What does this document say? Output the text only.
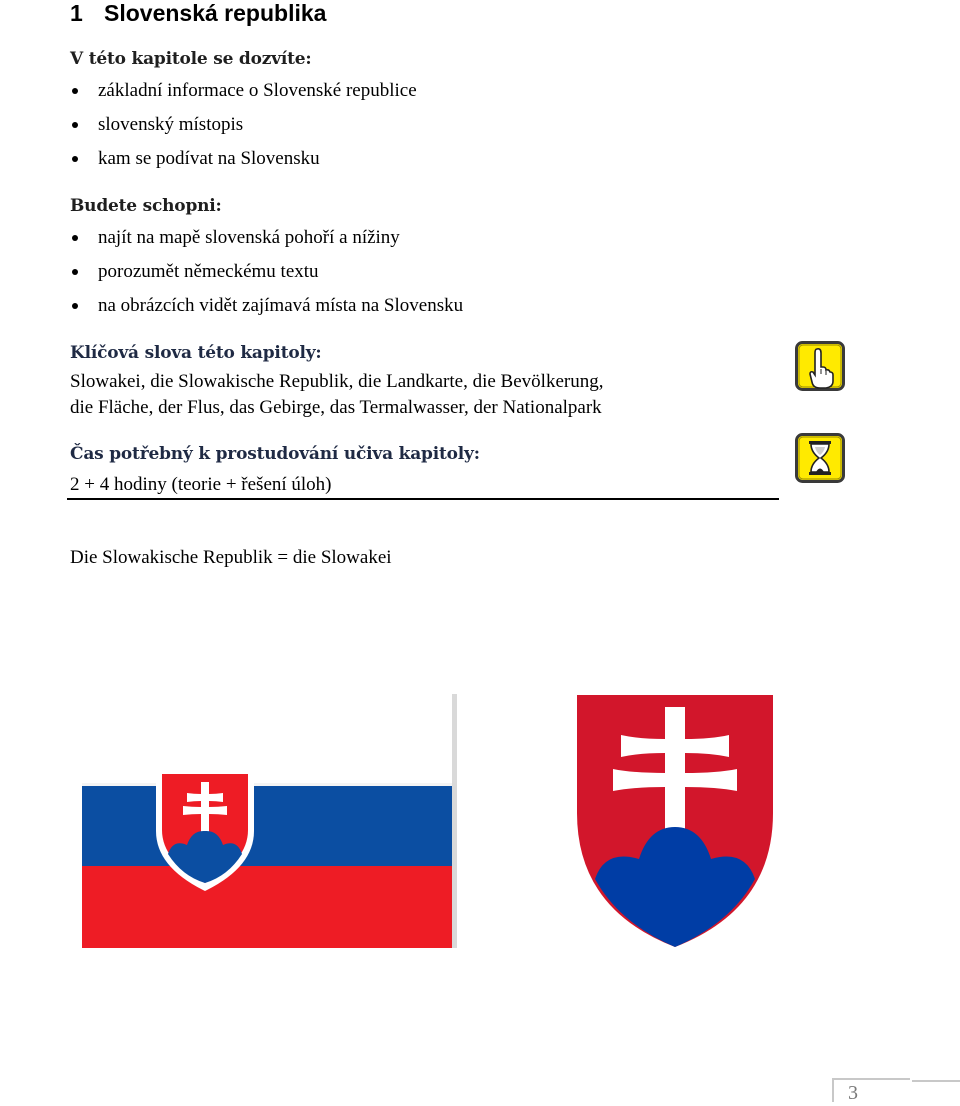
1 Slovenská republika
V této kapitole se dozvíte:
základní informace o Slovenské republice
slovenský místopis
kam se podívat na Slovensku
Budete schopni:
najít na mapě slovenská pohoří a nížiny
porozumět německému textu
na obrázcích vidět zajímavá místa na Slovensku
Klíčová slova této kapitoly:

Slowakei, die Slowakische Republik, die Landkarte, die Bevölkerung,

die Fläche, der Flus, das Gebirge, das Termalwasser, der Nationalpark

Čas potřebný k prostudování učiva kapitoly:

2 + 4 hodiny (teorie + řešení úloh)

Die Slowakische Republik = die Slowakei

3
